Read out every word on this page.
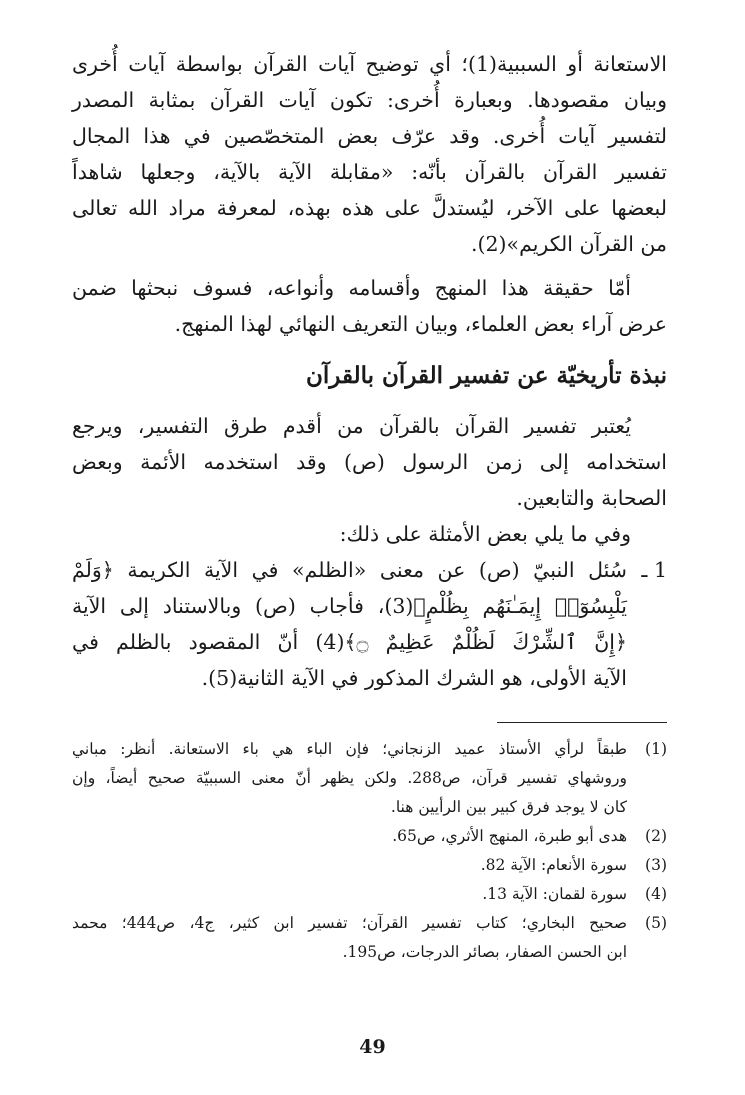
الاستعانة أو السببية(1)؛ أي توضيح آيات القرآن بواسطة آيات أُخرى
وبيان مقصودها. وبعبارة أُخرى: تكون آيات القرآن بمثابة المصدر
لتفسير آيات أُخرى. وقد عرّف بعض المتخصّصين في هذا المجال
تفسير القرآن بالقرآن بأنّه: «مقابلة الآية بالآية، وجعلها شاهداً
لبعضها على الآخر، ليُستدلَّ على هذه بهذه، لمعرفة مراد الله تعالى
من القرآن الكريم»(2).
أمّا حقيقة هذا المنهج وأقسامه وأنواعه، فسوف نبحثها ضمن
عرض آراء بعض العلماء، وبيان التعريف النهائي لهذا المنهج.
نبذة تأريخيّة عن تفسير القرآن بالقرآن
يُعتبر تفسير القرآن بالقرآن من أقدم طرق التفسير، ويرجع
استخدامه إلى زمن الرسول (ص) وقد استخدمه الأئمة وبعض
الصحابة والتابعين.
وفي ما يلي بعض الأمثلة على ذلك:
1 ـ
سُئل النبيّ (ص) عن معنى «الظلم» في الآية الكريمة ﴿وَلَمْ
يَلْبِسُوٓا۟ إِيمَـٰنَهُم بِظُلْمٍ﴾(3)، فأجاب (ص) وبالاستناد إلى الآية
﴿إِنَّ ٱلشِّرْكَ لَظُلْمٌ عَظِيمٌ ۝﴾(4) أنّ المقصود بالظلم في
الآية الأولى، هو الشرك المذكور في الآية الثانية(5).
(1)
طبقاً لرأي الأستاذ عميد الزنجاني؛ فإن الباء هي باء الاستعانة. أنظر: مباني
وروشهاي تفسير قرآن، ص288. ولكن يظهر أنّ معنى السببيّة صحيح أيضاً، وإن
كان لا يوجد فرق كبير بين الرأيين هنا.
(2)
هدى أبو طبرة، المنهج الأثري، ص65.
(3)
سورة الأنعام: الآية 82.
(4)
سورة لقمان: الآية 13.
(5)
صحيح البخاري؛ كتاب تفسير القرآن؛ تفسير ابن كثير، ج4، ص444؛ محمد
ابن الحسن الصفار، بصائر الدرجات، ص195.
49
